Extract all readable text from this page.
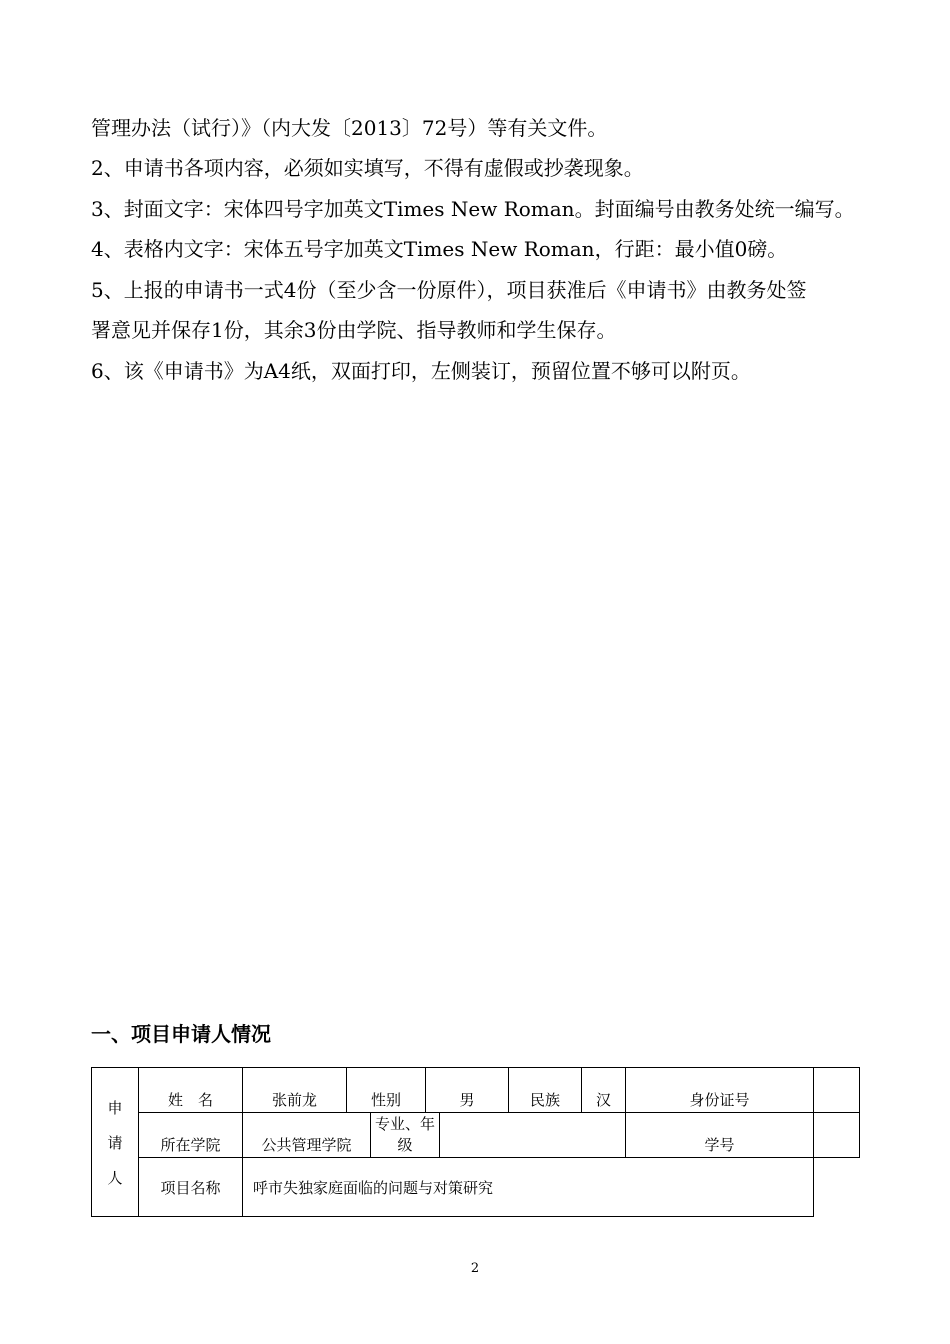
管理办法（试行）》（内大发〔2013〕72号）等有关文件。
2、申请书各项内容，必须如实填写，不得有虚假或抄袭现象。
3、封面文字：宋体四号字加英文Times New Roman。封面编号由教务处统一编写。
4、表格内文字：宋体五号字加英文Times New Roman，行距：最小值0磅。
5、上报的申请书一式4份（至少含一份原件），项目获准后《申请书》由教务处签
署意见并保存1份，其余3份由学院、指导教师和学生保存。
6、该《申请书》为A4纸，双面打印，左侧装订，预留位置不够可以附页。
一、项目申请人情况
申
请
人	姓　名	张前龙	性别		男		民族	汉	身份证号	
	所在学院	公共管理学院		专业、年级					学号	
	项目名称	呼市失独家庭面临的问题与对策研究								
2
